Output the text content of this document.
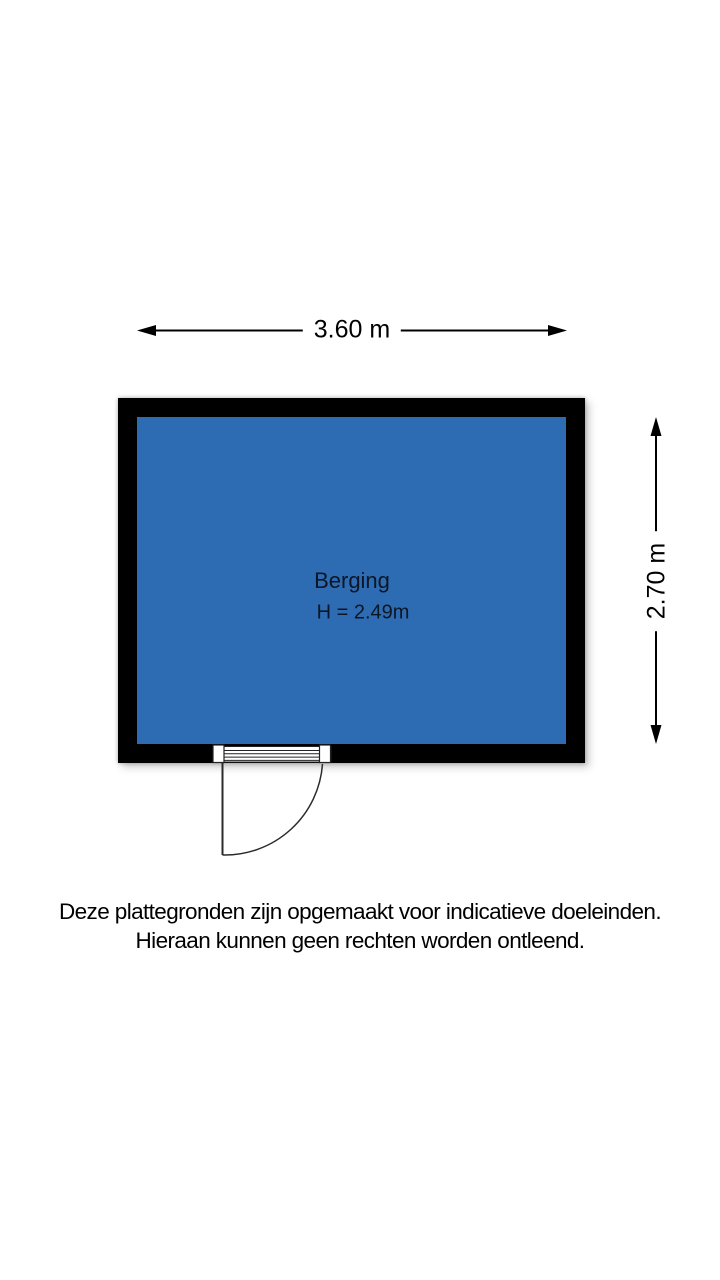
3.60 m
2.70 m
Berging
H = 2.49m
Deze plattegronden zijn opgemaakt voor indicatieve doeleinden.
Hieraan kunnen geen rechten worden ontleend.
